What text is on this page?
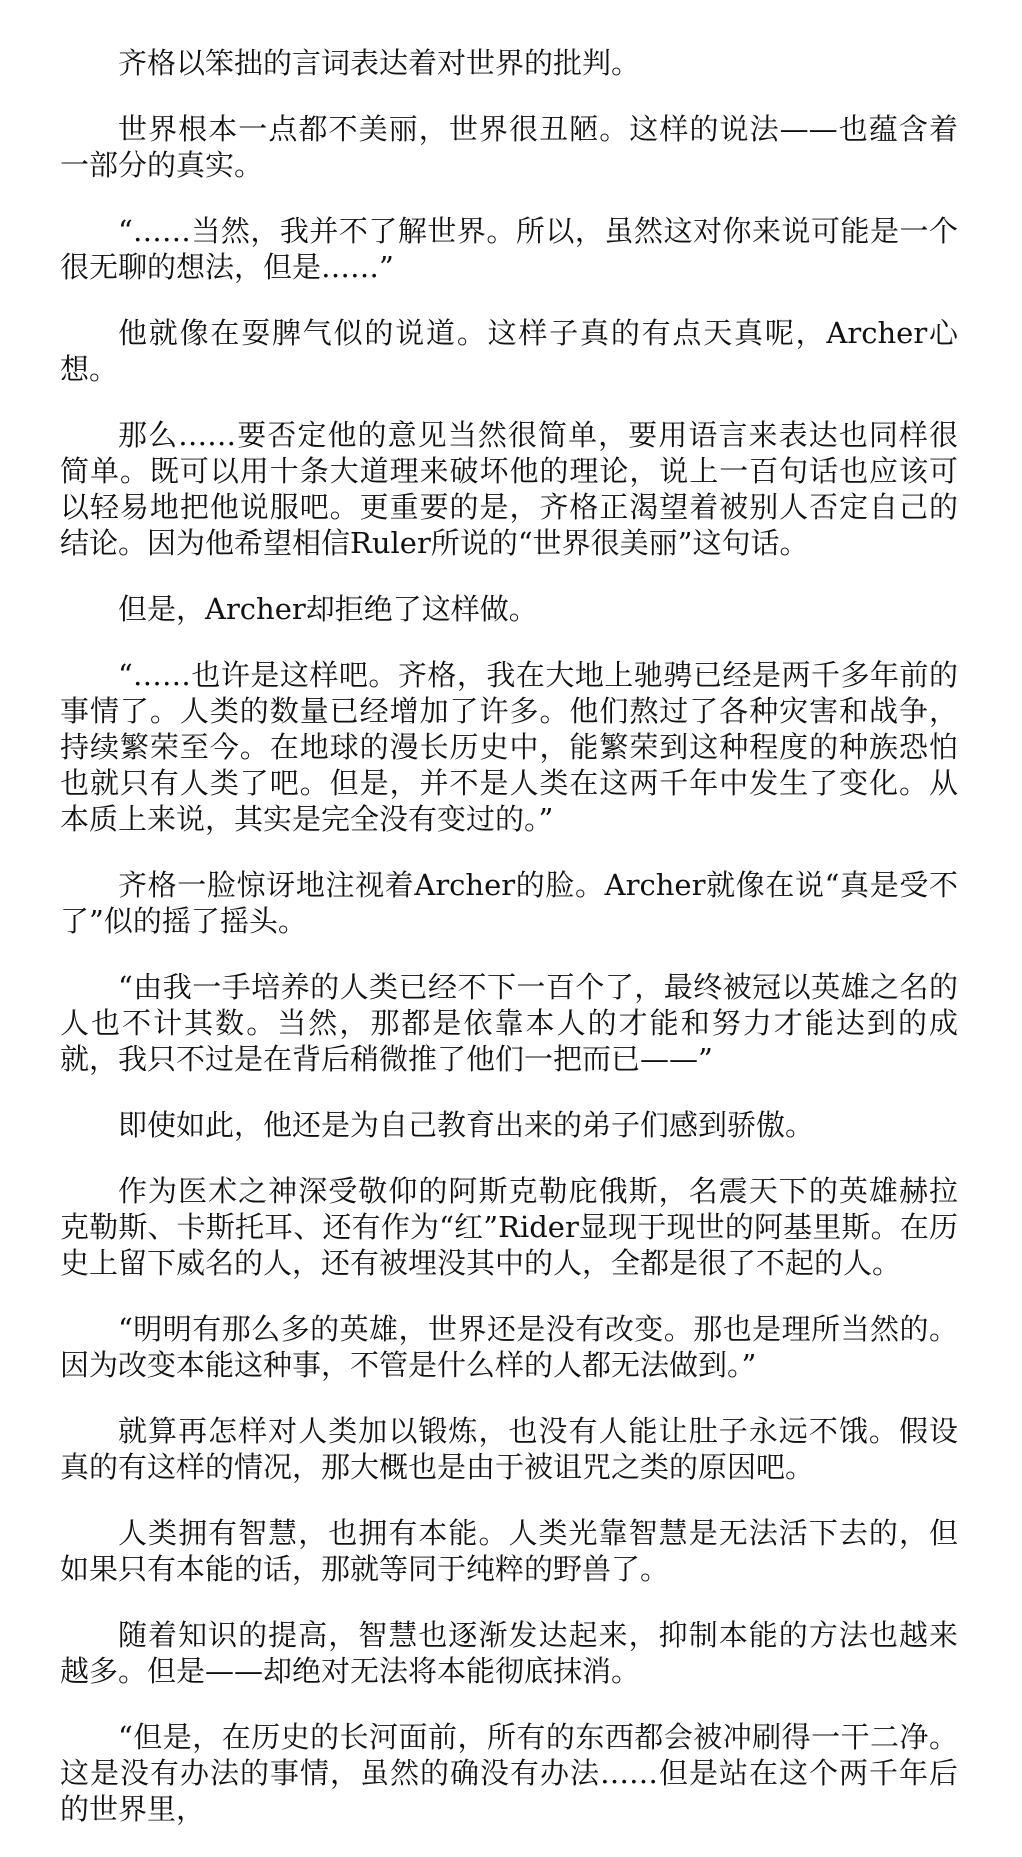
齐格以笨拙的言词表达着对世界的批判。

世界根本一点都不美丽，世界很丑陋。这样的说法——也蕴含着一部分的真实。

“……当然，我并不了解世界。所以，虽然这对你来说可能是一个很无聊的想法，但是……”

他就像在耍脾气似的说道。这样子真的有点天真呢，Archer心想。

那么……要否定他的意见当然很简单，要用语言来表达也同样很简单。既可以用十条大道理来破坏他的理论，说上一百句话也应该可以轻易地把他说服吧。更重要的是，齐格正渴望着被别人否定自己的结论。因为他希望相信Ruler所说的“世界很美丽”这句话。

但是，Archer却拒绝了这样做。

“……也许是这样吧。齐格，我在大地上驰骋已经是两千多年前的事情了。人类的数量已经增加了许多。他们熬过了各种灾害和战争，持续繁荣至今。在地球的漫长历史中，能繁荣到这种程度的种族恐怕也就只有人类了吧。但是，并不是人类在这两千年中发生了变化。从本质上来说，其实是完全没有变过的。”

齐格一脸惊讶地注视着Archer的脸。Archer就像在说“真是受不了”似的摇了摇头。

“由我一手培养的人类已经不下一百个了，最终被冠以英雄之名的人也不计其数。当然，那都是依靠本人的才能和努力才能达到的成就，我只不过是在背后稍微推了他们一把而已——”

即使如此，他还是为自己教育出来的弟子们感到骄傲。

作为医术之神深受敬仰的阿斯克勒庇俄斯，名震天下的英雄赫拉克勒斯、卡斯托耳、还有作为“红”Rider显现于现世的阿基里斯。在历史上留下威名的人，还有被埋没其中的人，全都是很了不起的人。

“明明有那么多的英雄，世界还是没有改变。那也是理所当然的。因为改变本能这种事，不管是什么样的人都无法做到。”

就算再怎样对人类加以锻炼，也没有人能让肚子永远不饿。假设真的有这样的情况，那大概也是由于被诅咒之类的原因吧。

人类拥有智慧，也拥有本能。人类光靠智慧是无法活下去的，但如果只有本能的话，那就等同于纯粹的野兽了。

随着知识的提高，智慧也逐渐发达起来，抑制本能的方法也越来越多。但是——却绝对无法将本能彻底抹消。

“但是，在历史的长河面前，所有的东西都会被冲刷得一干二净。这是没有办法的事情，虽然的确没有办法……但是站在这个两千年后的世界里，
